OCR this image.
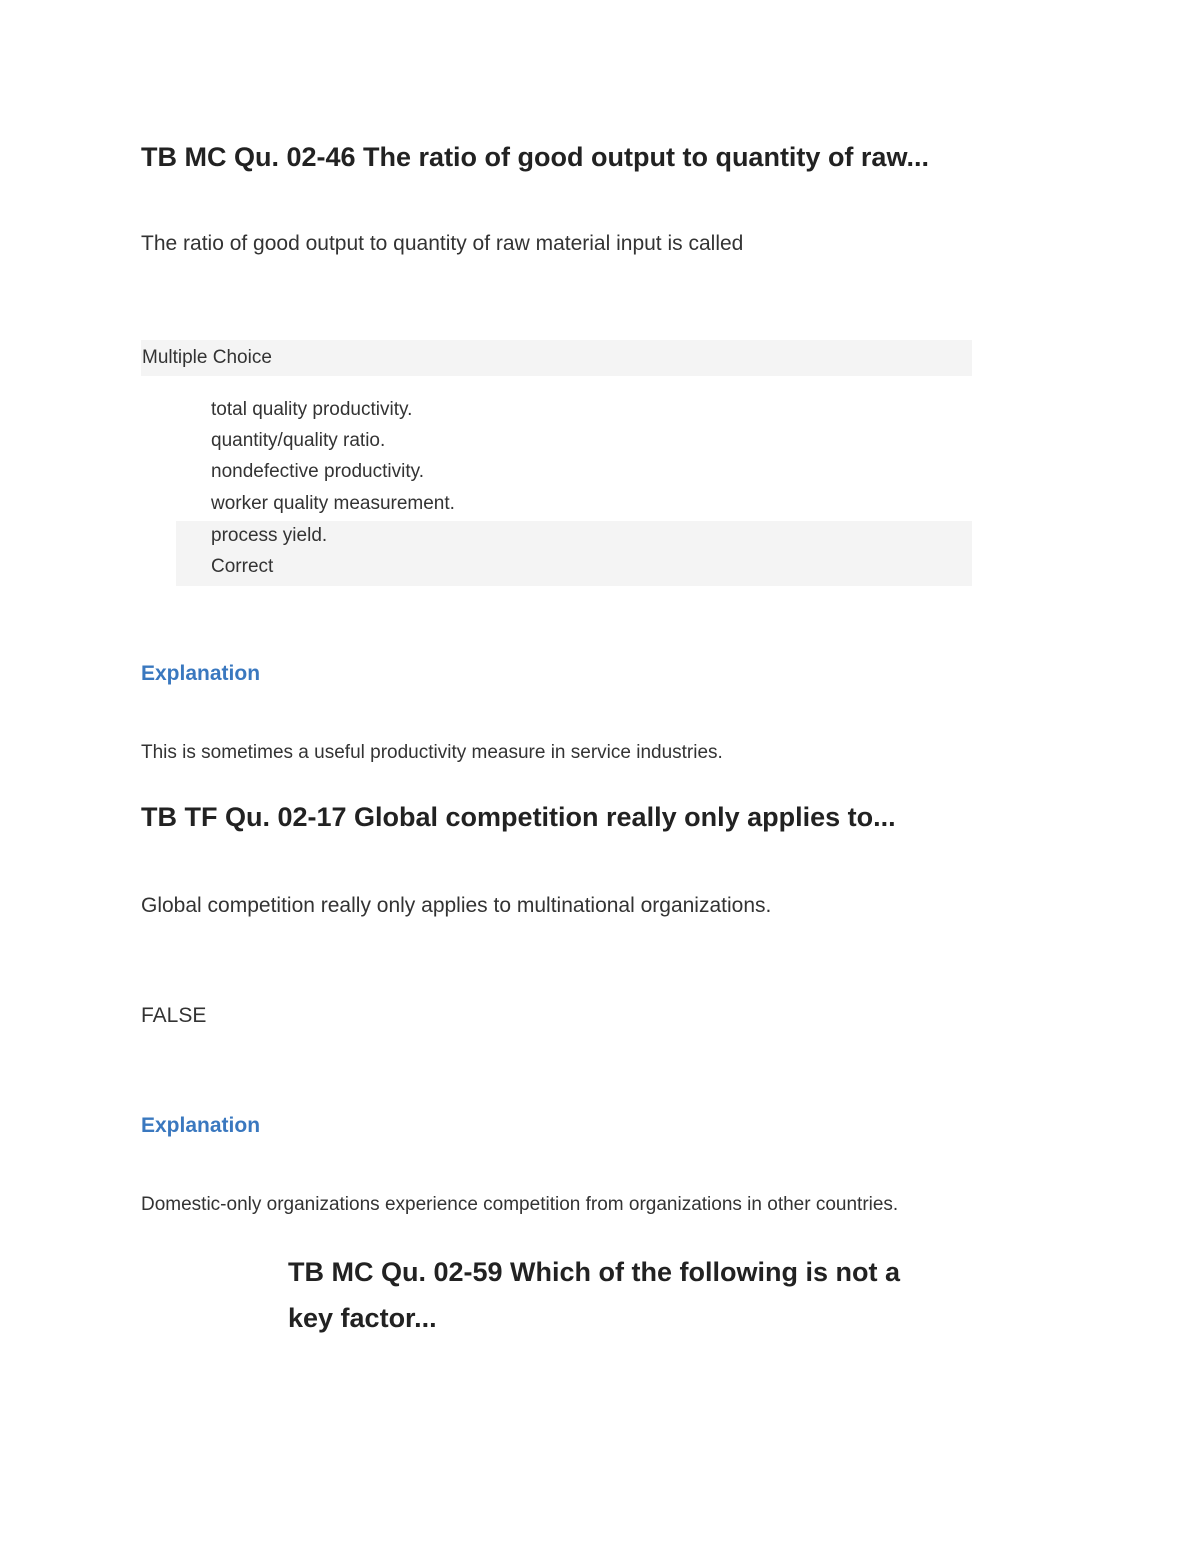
TB MC Qu. 02-46 The ratio of good output to quantity of raw...
The ratio of good output to quantity of raw material input is called
Multiple Choice
total quality productivity.
quantity/quality ratio.
nondefective productivity.
worker quality measurement.
process yield.
Correct
Explanation
This is sometimes a useful productivity measure in service industries.
TB TF Qu. 02-17 Global competition really only applies to...
Global competition really only applies to multinational organizations.
FALSE
Explanation
Domestic-only organizations experience competition from organizations in other countries.
TB MC Qu. 02-59 Which of the following is not a key factor...
